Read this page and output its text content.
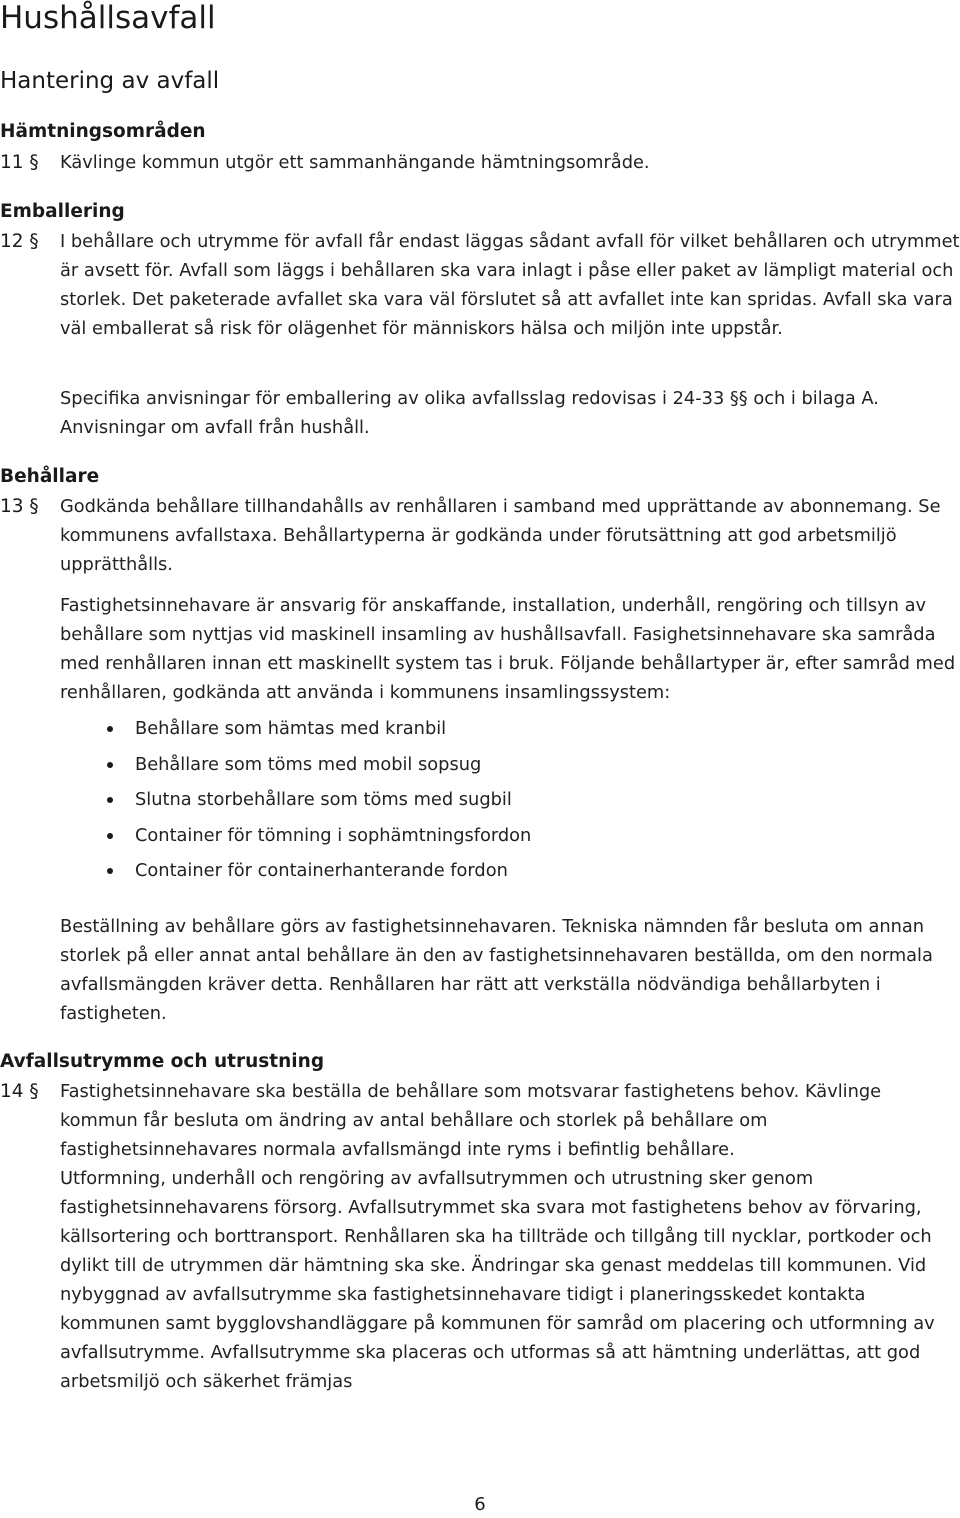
Hushållsavfall
Hantering av avfall
Hämtningsområden
11 § Kävlinge kommun utgör ett sammanhängande hämtningsområde.

Emballering
12 § I behållare och utrymme för avfall får endast läggas sådant avfall för vilket behållaren och utrymmet är avsett för. Avfall som läggs i behållaren ska vara inlagt i påse eller paket av lämpligt material och storlek. Det paketerade avfallet ska vara väl förslutet så att avfallet inte kan spridas. Avfall ska vara väl emballerat så risk för olägenhet för människors hälsa och miljön inte uppstår.

Specifika anvisningar för emballering av olika avfallsslag redovisas i 24-33 §§ och i bilaga A. Anvisningar om avfall från hushåll.

Behållare
13 § Godkända behållare tillhandahålls av renhållaren i samband med upprättande av abonnemang. Se kommunens avfallstaxa. Behållartyperna är godkända under förutsättning att god arbetsmiljö upprätthålls.

Fastighetsinnehavare är ansvarig för anskaffande, installation, underhåll, rengöring och tillsyn av behållare som nyttjas vid maskinell insamling av hushållsavfall. Fasighetsinnehavare ska samråda med renhållaren innan ett maskinellt system tas i bruk. Följande behållartyper är, efter samråd med renhållaren, godkända att använda i kommunens insamlingssystem:

Behållare som hämtas med kranbil
Behållare som töms med mobil sopsug
Slutna storbehållare som töms med sugbil
Container för tömning i sophämtningsfordon
Container för containerhanterande fordon

Beställning av behållare görs av fastighetsinnehavaren. Tekniska nämnden får besluta om annan storlek på eller annat antal behållare än den av fastighetsinnehavaren beställda, om den normala avfallsmängden kräver detta. Renhållaren har rätt att verkställa nödvändiga behållarbyten i fastigheten.

Avfallsutrymme och utrustning
14 § Fastighetsinnehavare ska beställa de behållare som motsvarar fastighetens behov. Kävlinge kommun får besluta om ändring av antal behållare och storlek på behållare om fastighetsinnehavares normala avfallsmängd inte ryms i befintlig behållare.

Utformning, underhåll och rengöring av avfallsutrymmen och utrustning sker genom fastighetsinnehavarens försorg. Avfallsutrymmet ska svara mot fastighetens behov av förvaring, källsortering och borttransport. Renhållaren ska ha tillträde och tillgång till nycklar, portkoder och dylikt till de utrymmen där hämtning ska ske. Ändringar ska genast meddelas till kommunen. Vid nybyggnad av avfallsutrymme ska fastighetsinnehavare tidigt i planeringsskedet kontakta kommunen samt bygglovshandläggare på kommunen för samråd om placering och utformning av avfallsutrymme. Avfallsutrymme ska placeras och utformas så att hämtning underlättas, att god arbetsmiljö och säkerhet främjas

6
